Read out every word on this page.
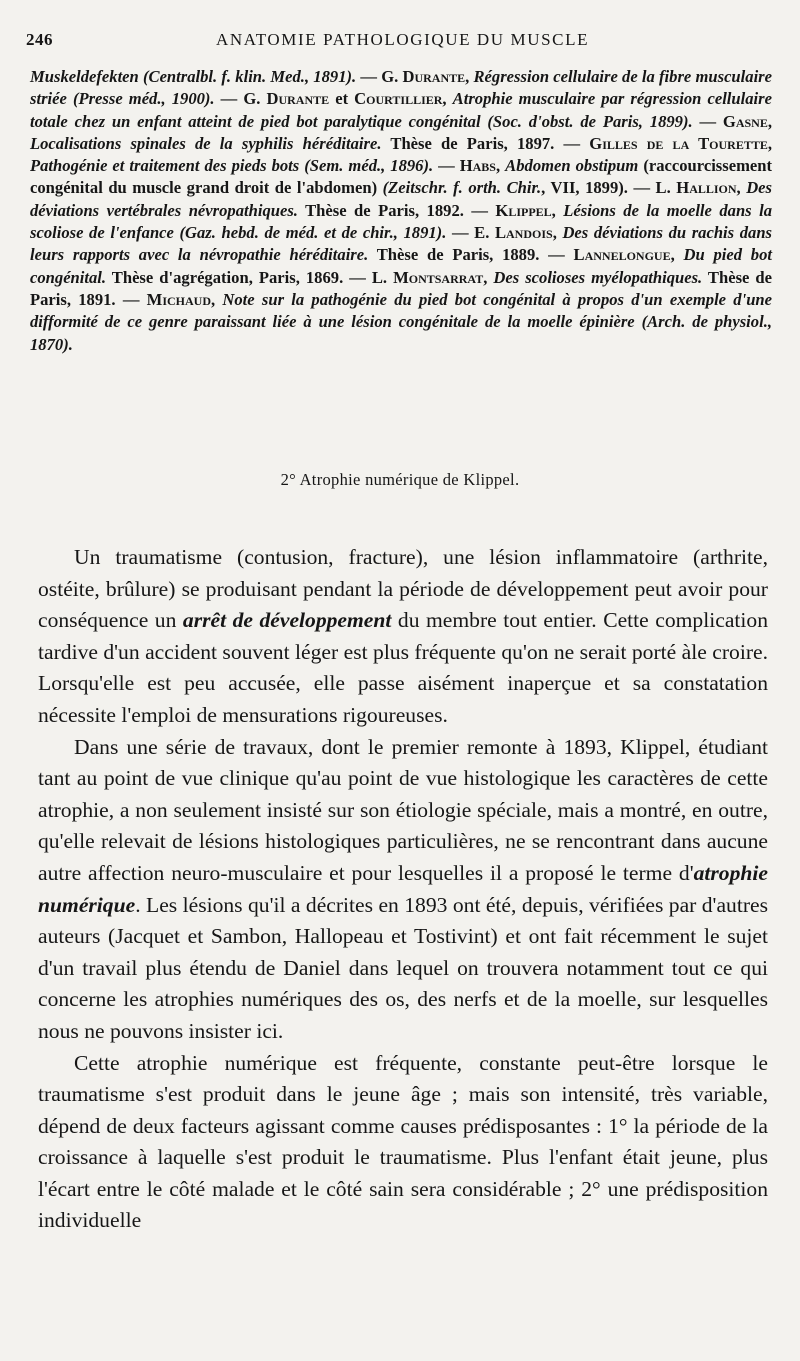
246	ANATOMIE PATHOLOGIQUE DU MUSCLE
Muskeldefekten (Centralbl. f. klin. Med., 1891). — G. Durante, Régression cellulaire de la fibre musculaire striée (Presse méd., 1900). — G. Durante et Courtillier, Atrophie musculaire par régression cellulaire totale chez un enfant atteint de pied bot paralytique congénital (Soc. d'obst. de Paris, 1899). — Gasne, Localisations spinales de la syphilis héréditaire. Thèse de Paris, 1897. — Gilles de la Tourette, Pathogénie et traitement des pieds bots (Sem. méd., 1896). — Habs, Abdomen obstipum (raccourcissement congénital du muscle grand droit de l'abdomen) (Zeitschr. f. orth. Chir., VII, 1899). — L. Hallion, Des déviations vertébrales névropathiques. Thèse de Paris, 1892. — Klippel, Lésions de la moelle dans la scoliose de l'enfance (Gaz. hebd. de méd. et de chir., 1891). — E. Landois, Des déviations du rachis dans leurs rapports avec la névropathie héréditaire. Thèse de Paris, 1889. — Lannelongue, Du pied bot congénital. Thèse d'agrégation, Paris, 1869. — L. Montsarrat, Des scolioses myélopathiques. Thèse de Paris, 1891. — Michaud, Note sur la pathogénie du pied bot congénital à propos d'un exemple d'une difformité de ce genre paraissant liée à une lésion congénitale de la moelle épinière (Arch. de physiol., 1870).
2° Atrophie numérique de Klippel.

Un traumatisme (contusion, fracture), une lésion inflammatoire (arthrite, ostéite, brûlure) se produisant pendant la période de développement peut avoir pour conséquence un arrêt de développement du membre tout entier. Cette complication tardive d'un accident souvent léger est plus fréquente qu'on ne serait porté àle croire. Lorsqu'elle est peu accusée, elle passe aisément inaperçue et sa constatation nécessite l'emploi de mensurations rigoureuses.

Dans une série de travaux, dont le premier remonte à 1893, Klippel, étudiant tant au point de vue clinique qu'au point de vue histologique les caractères de cette atrophie, a non seulement insisté sur son étiologie spéciale, mais a montré, en outre, qu'elle relevait de lésions histologiques particulières, ne se rencontrant dans aucune autre affection neuro-musculaire et pour lesquelles il a proposé le terme d'atrophie numérique. Les lésions qu'il a décrites en 1893 ont été, depuis, vérifiées par d'autres auteurs (Jacquet et Sambon, Hallopeau et Tostivint) et ont fait récemment le sujet d'un travail plus étendu de Daniel dans lequel on trouvera notamment tout ce qui concerne les atrophies numériques des os, des nerfs et de la moelle, sur lesquelles nous ne pouvons insister ici.

Cette atrophie numérique est fréquente, constante peut-être lorsque le traumatisme s'est produit dans le jeune âge ; mais son intensité, très variable, dépend de deux facteurs agissant comme causes prédisposantes : 1° la période de la croissance à laquelle s'est produit le traumatisme. Plus l'enfant était jeune, plus l'écart entre le côté malade et le côté sain sera considérable ; 2° une prédisposition individuelle
